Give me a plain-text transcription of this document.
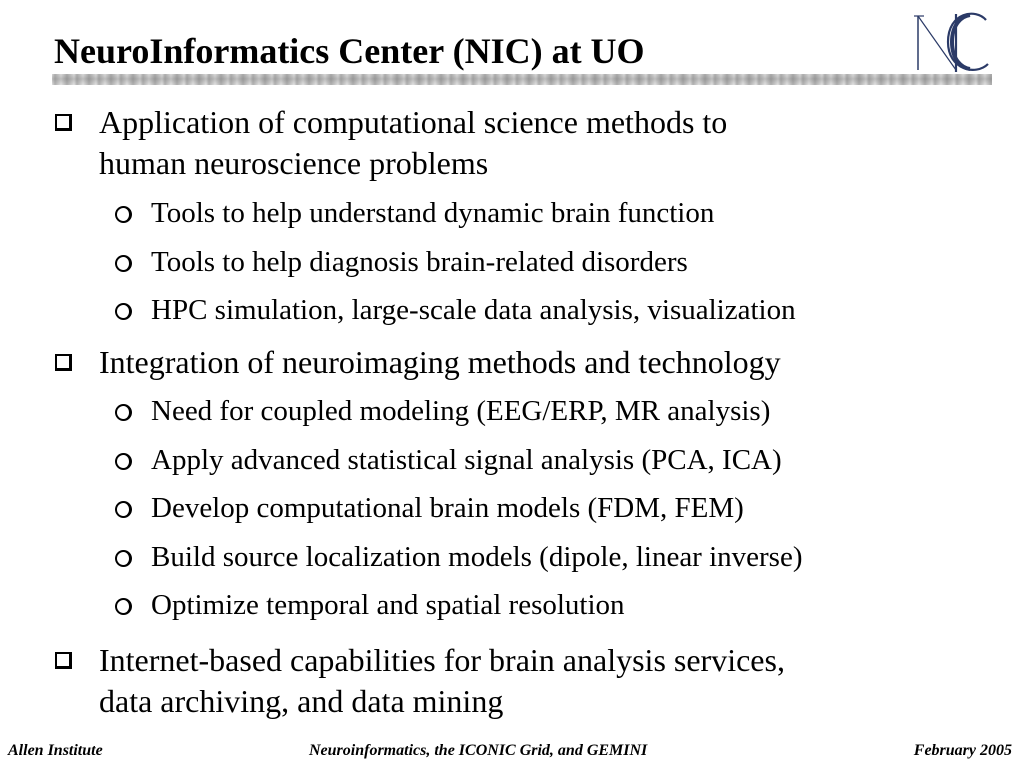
NeuroInformatics Center (NIC) at UO
Application of computational science methods to
human neuroscience problems
Tools to help understand dynamic brain function
Tools to help diagnosis brain-related disorders
HPC simulation, large-scale data analysis, visualization
Integration of neuroimaging methods and technology
Need for coupled modeling (EEG/ERP, MR analysis)
Apply advanced statistical signal analysis (PCA, ICA)
Develop computational brain models (FDM, FEM)
Build source localization models (dipole, linear inverse)
Optimize temporal and spatial resolution
Internet-based capabilities for brain analysis services,
data archiving, and data mining
Allen Institute	Neuroinformatics, the ICONIC Grid, and GEMINI	February 2005
